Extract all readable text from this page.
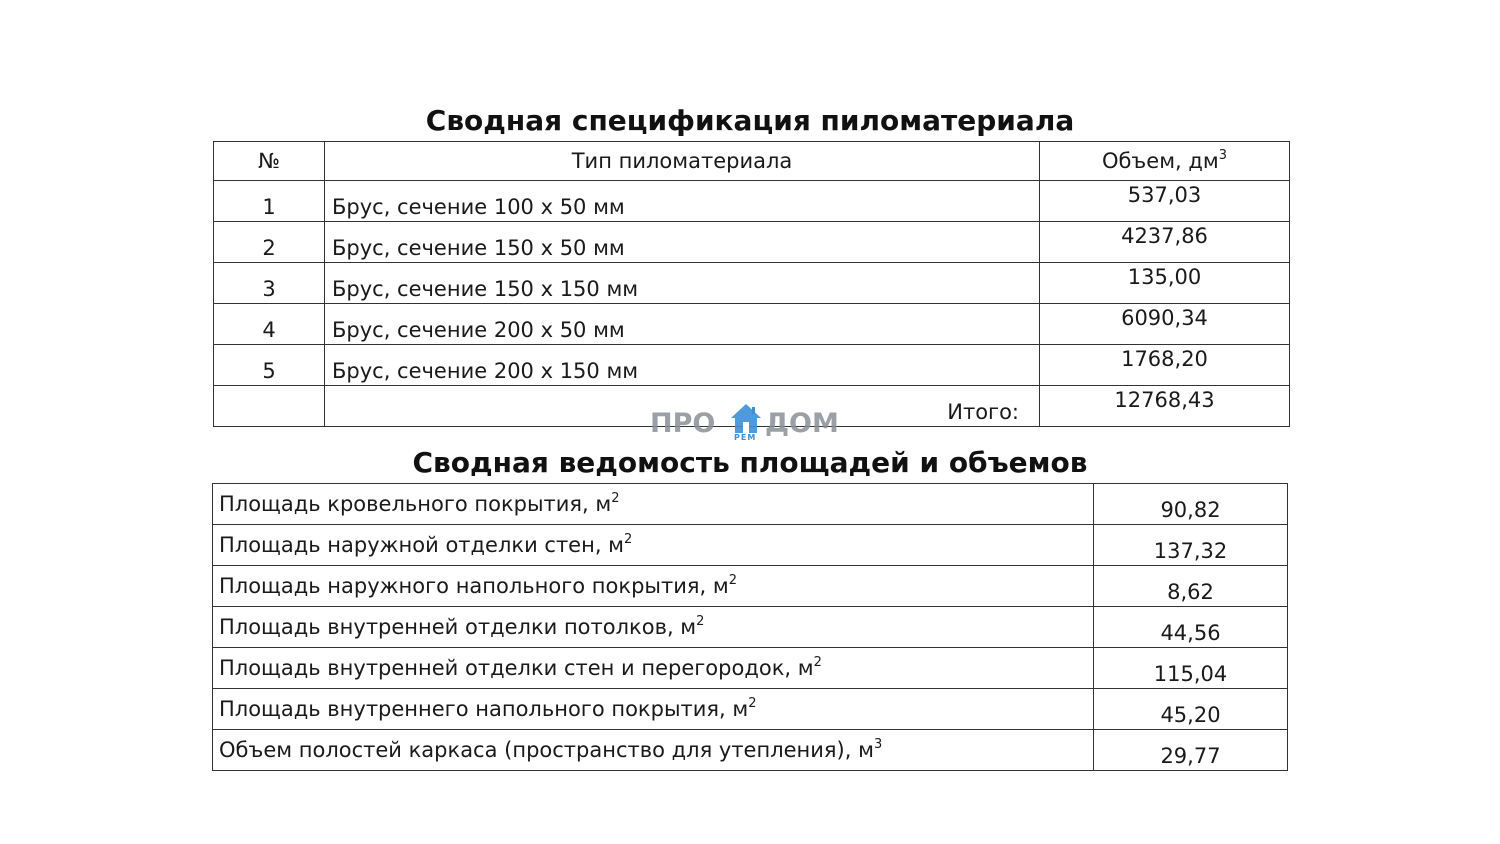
Сводная спецификация пиломатериала
№	Тип пиломатериала	Объем, $дм^3$
1	Брус, сечение 100 х 50 мм	537,03
2	Брус, сечение 150 х 50 мм	4237,86
3	Брус, сечение 150 х 150 мм	135,00
4	Брус, сечение 200 х 50 мм	6090,34
5	Брус, сечение 200 х 150 мм	1768,20
	Итого:	12768,43
ПРО РЕМ ДОМ
Сводная ведомость площадей и объемов
Площадь кровельного покрытия, $м^2$	90,82
Площадь наружной отделки стен, $м^2$	137,32
Площадь наружного напольного покрытия, $м^2$	8,62
Площадь внутренней отделки потолков, $м^2$	44,56
Площадь внутренней отделки стен и перегородок, $м^2$	115,04
Площадь внутреннего напольного покрытия, $м^2$	45,20
Объем полостей каркаса (пространство для утепления), $м^3$	29,77
